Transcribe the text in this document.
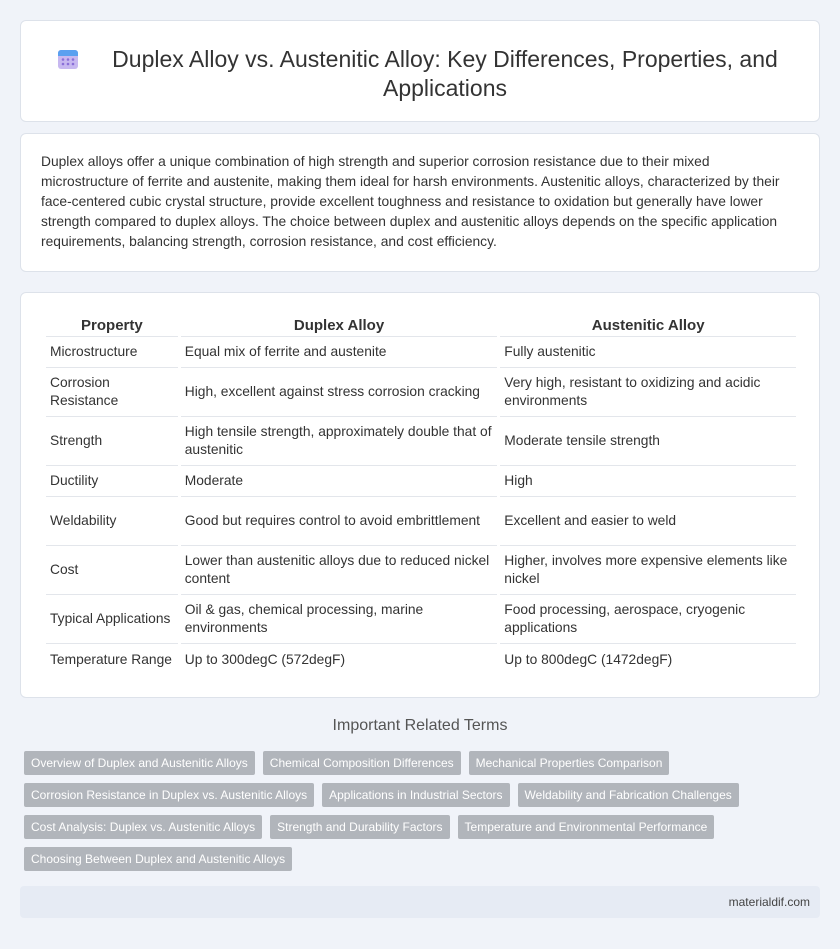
Duplex Alloy vs. Austenitic Alloy: Key Differences, Properties, and Applications

Duplex alloys offer a unique combination of high strength and superior corrosion resistance due to their mixed microstructure of ferrite and austenite, making them ideal for harsh environments. Austenitic alloys, characterized by their face-centered cubic crystal structure, provide excellent toughness and resistance to oxidation but generally have lower strength compared to duplex alloys. The choice between duplex and austenitic alloys depends on the specific application requirements, balancing strength, corrosion resistance, and cost efficiency.

Property	Duplex Alloy	Austenitic Alloy
Microstructure	Equal mix of ferrite and austenite	Fully austenitic
Corrosion Resistance	High, excellent against stress corrosion cracking	Very high, resistant to oxidizing and acidic environments
Strength	High tensile strength, approximately double that of austenitic	Moderate tensile strength
Ductility	Moderate	High
Weldability	Good but requires control to avoid embrittlement	Excellent and easier to weld
Cost	Lower than austenitic alloys due to reduced nickel content	Higher, involves more expensive elements like nickel
Typical Applications	Oil & gas, chemical processing, marine environments	Food processing, aerospace, cryogenic applications
Temperature Range	Up to 300degC (572degF)	Up to 800degC (1472degF)
Important Related Terms
Overview of Duplex and Austenitic Alloys	Chemical Composition Differences	Mechanical Properties Comparison
Corrosion Resistance in Duplex vs. Austenitic Alloys	Applications in Industrial Sectors	Weldability and Fabrication Challenges
Cost Analysis: Duplex vs. Austenitic Alloys	Strength and Durability Factors	Temperature and Environmental Performance
Choosing Between Duplex and Austenitic Alloys
materialdif.com
